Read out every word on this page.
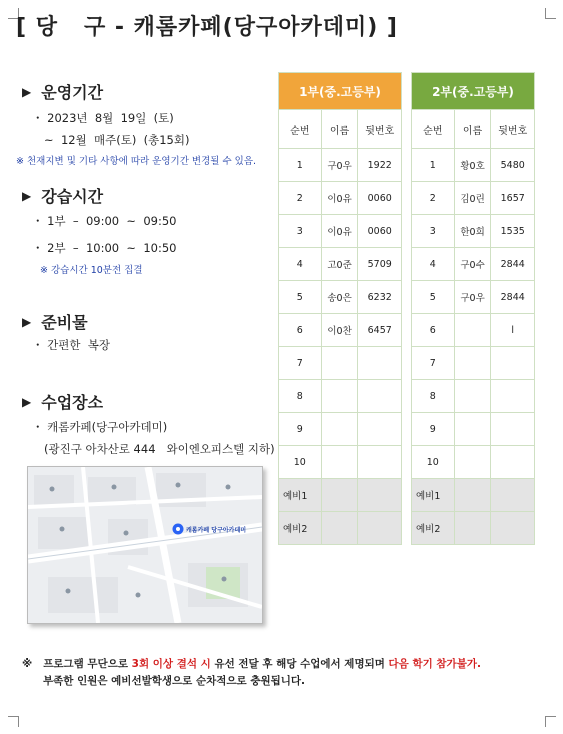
[ 당   구 - 캐롬카페(당구아카데미) ]
▶ 운영기간
・ 2023년  8월  19일  (토)
~  12월  매주(토)  (총15회)
※ 천재지변 및 기타 사항에 따라 운영기간 변경될 수 있음.
▶ 강습시간
・ 1부  –  09:00  ~  09:50
・ 2부  –  10:00  ~  10:50
※ 강습시간 10분전 집결
▶ 준비물
・ 간편한  복장
▶ 수업장소
・ 캐롬카페(당구아카데미)
(광진구 아차산로 444   와이엔오피스텔 지하)
캐롬카페 당구아카데미
1부(중.고등부)		
순번	이름	뒷번호
1	구0우	1922
2	이0유	0060
3	이0유	0060
4	고0준	5709
5	송0은	6232
6	이0찬	6457
7		
8		
9		
10		
예비1		
예비2		
2부(중.고등부)		
순번	이름	뒷번호
1	황0호	5480
2	김0린	1657
3	한0희	1535
4	구0수	2844
5	구0우	2844
6		l
7		
8		
9		
10		
예비1		
예비2		
※ 프로그램 무단으로 3회 이상 결석 시 유선 전달 후 해당 수업에서 제명되며 다음 학기 참가불가.
부족한 인원은 예비선발학생으로 순차적으로 충원됩니다.
